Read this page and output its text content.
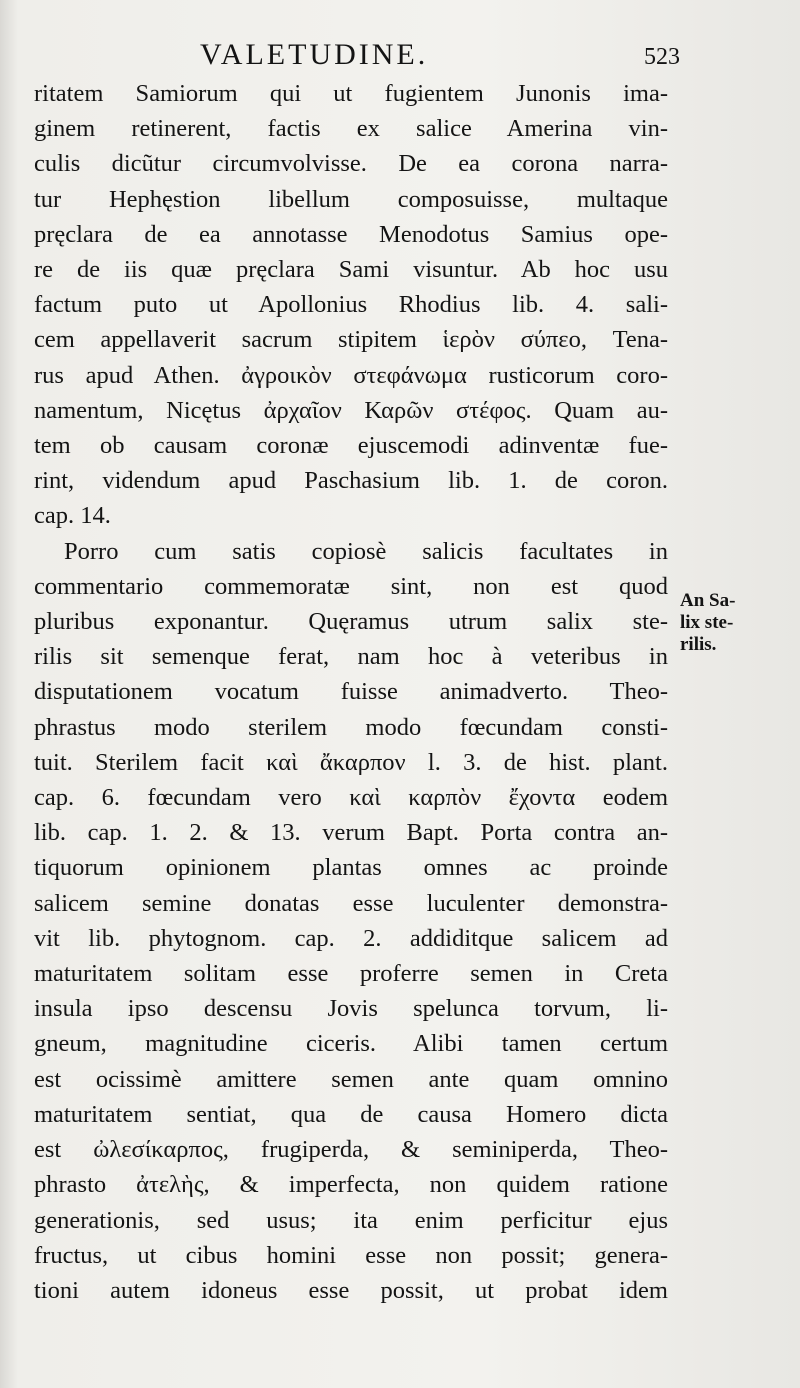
VALETUDINE.	523
ritatem Samiorum qui ut fugientem Junonis ima-
ginem retinerent, factis ex salice Amerina vin-
culis dicũtur circumvolvisse. De ea corona narra-
tur Hephęstion libellum composuisse, multaque
pręclara de ea annotasse Menodotus Samius ope-
re de iis quæ pręclara Sami visuntur. Ab hoc usu
factum puto ut Apollonius Rhodius lib. 4. sali-
cem appellaverit sacrum stipitem ἱερὸν σύπεο, Tena-
rus apud Athen. ἀγροικὸν στεφάνωμα rusticorum coro-
namentum, Nicętus ἀρχαῖον Καρῶν στέφος. Quam au-
tem ob causam coronæ ejuscemodi adinventæ fue-
rint, videndum apud Paschasium lib. 1. de coron.
cap. 14.
Porro cum satis copiosè salicis facultates in
commentario commemoratæ sint, non est quod
pluribus exponantur. Quęramus utrum salix ste-
rilis sit semenque ferat, nam hoc à veteribus in
disputationem vocatum fuisse animadverto. Theo-
phrastus modo sterilem modo fœcundam consti-
tuit. Sterilem facit καὶ ἄκαρπον l. 3. de hist. plant.
cap. 6. fœcundam vero καὶ καρπὸν ἔχοντα eodem
lib. cap. 1. 2. & 13. verum Bapt. Porta contra an-
tiquorum opinionem plantas omnes ac proinde
salicem semine donatas esse luculenter demonstra-
vit lib. phytognom. cap. 2. addiditque salicem ad
maturitatem solitam esse proferre semen in Creta
insula ipso descensu Jovis spelunca torvum, li-
gneum, magnitudine ciceris. Alibi tamen certum
est ocissimè amittere semen ante quam omnino
maturitatem sentiat, qua de causa Homero dicta
est ὠλεσίκαρπος, frugiperda, & seminiperda, Theo-
phrasto ἀτελὴς, & imperfecta, non quidem ratione
generationis, sed usus; ita enim perficitur ejus
fructus, ut cibus homini esse non possit; genera-
tioni autem idoneus esse possit, ut probat idem
An Sa-
lix ste-
rilis.
